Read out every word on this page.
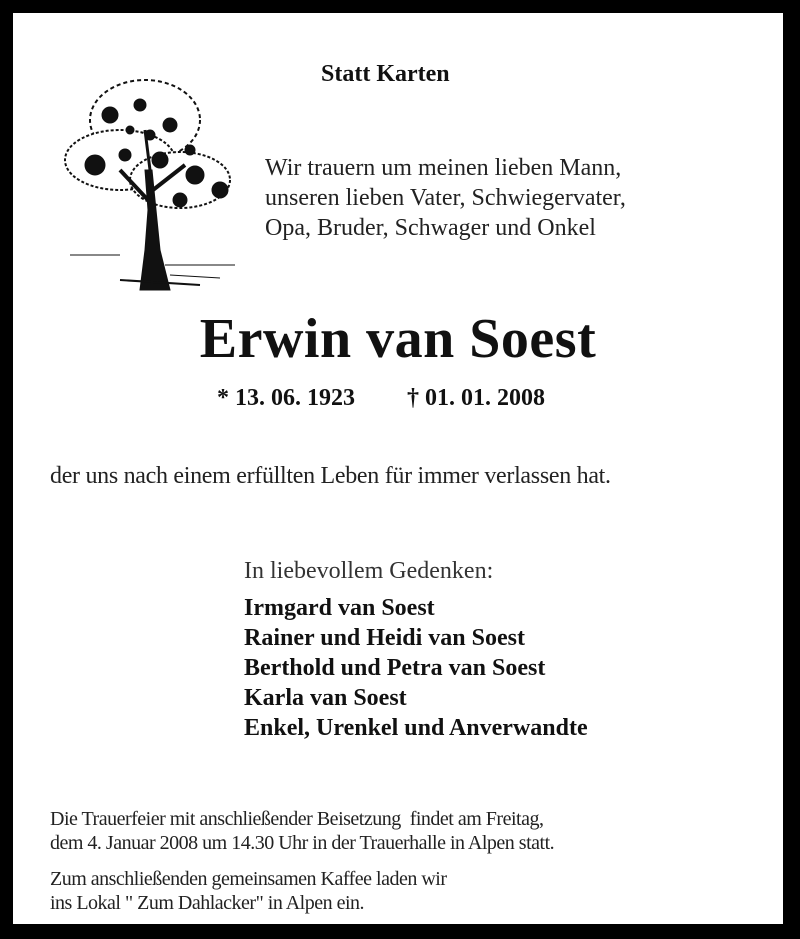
Statt Karten
Wir trauern um meinen lieben Mann,
unseren lieben Vater, Schwiegervater,
Opa, Bruder, Schwager und Onkel
Erwin van Soest
* 13. 06. 1923 † 01. 01. 2008
der uns nach einem erfüllten Leben für immer verlassen hat.
In liebevollem Gedenken:
Irmgard van Soest
Rainer und Heidi van Soest
Berthold und Petra van Soest
Karla van Soest
Enkel, Urenkel und Anverwandte
Die Trauerfeier mit anschließender Beisetzung  findet am Freitag,
dem 4. Januar 2008 um 14.30 Uhr in der Trauerhalle in Alpen statt.
Zum anschließenden gemeinsamen Kaffee laden wir
ins Lokal " Zum Dahlacker" in Alpen ein.
